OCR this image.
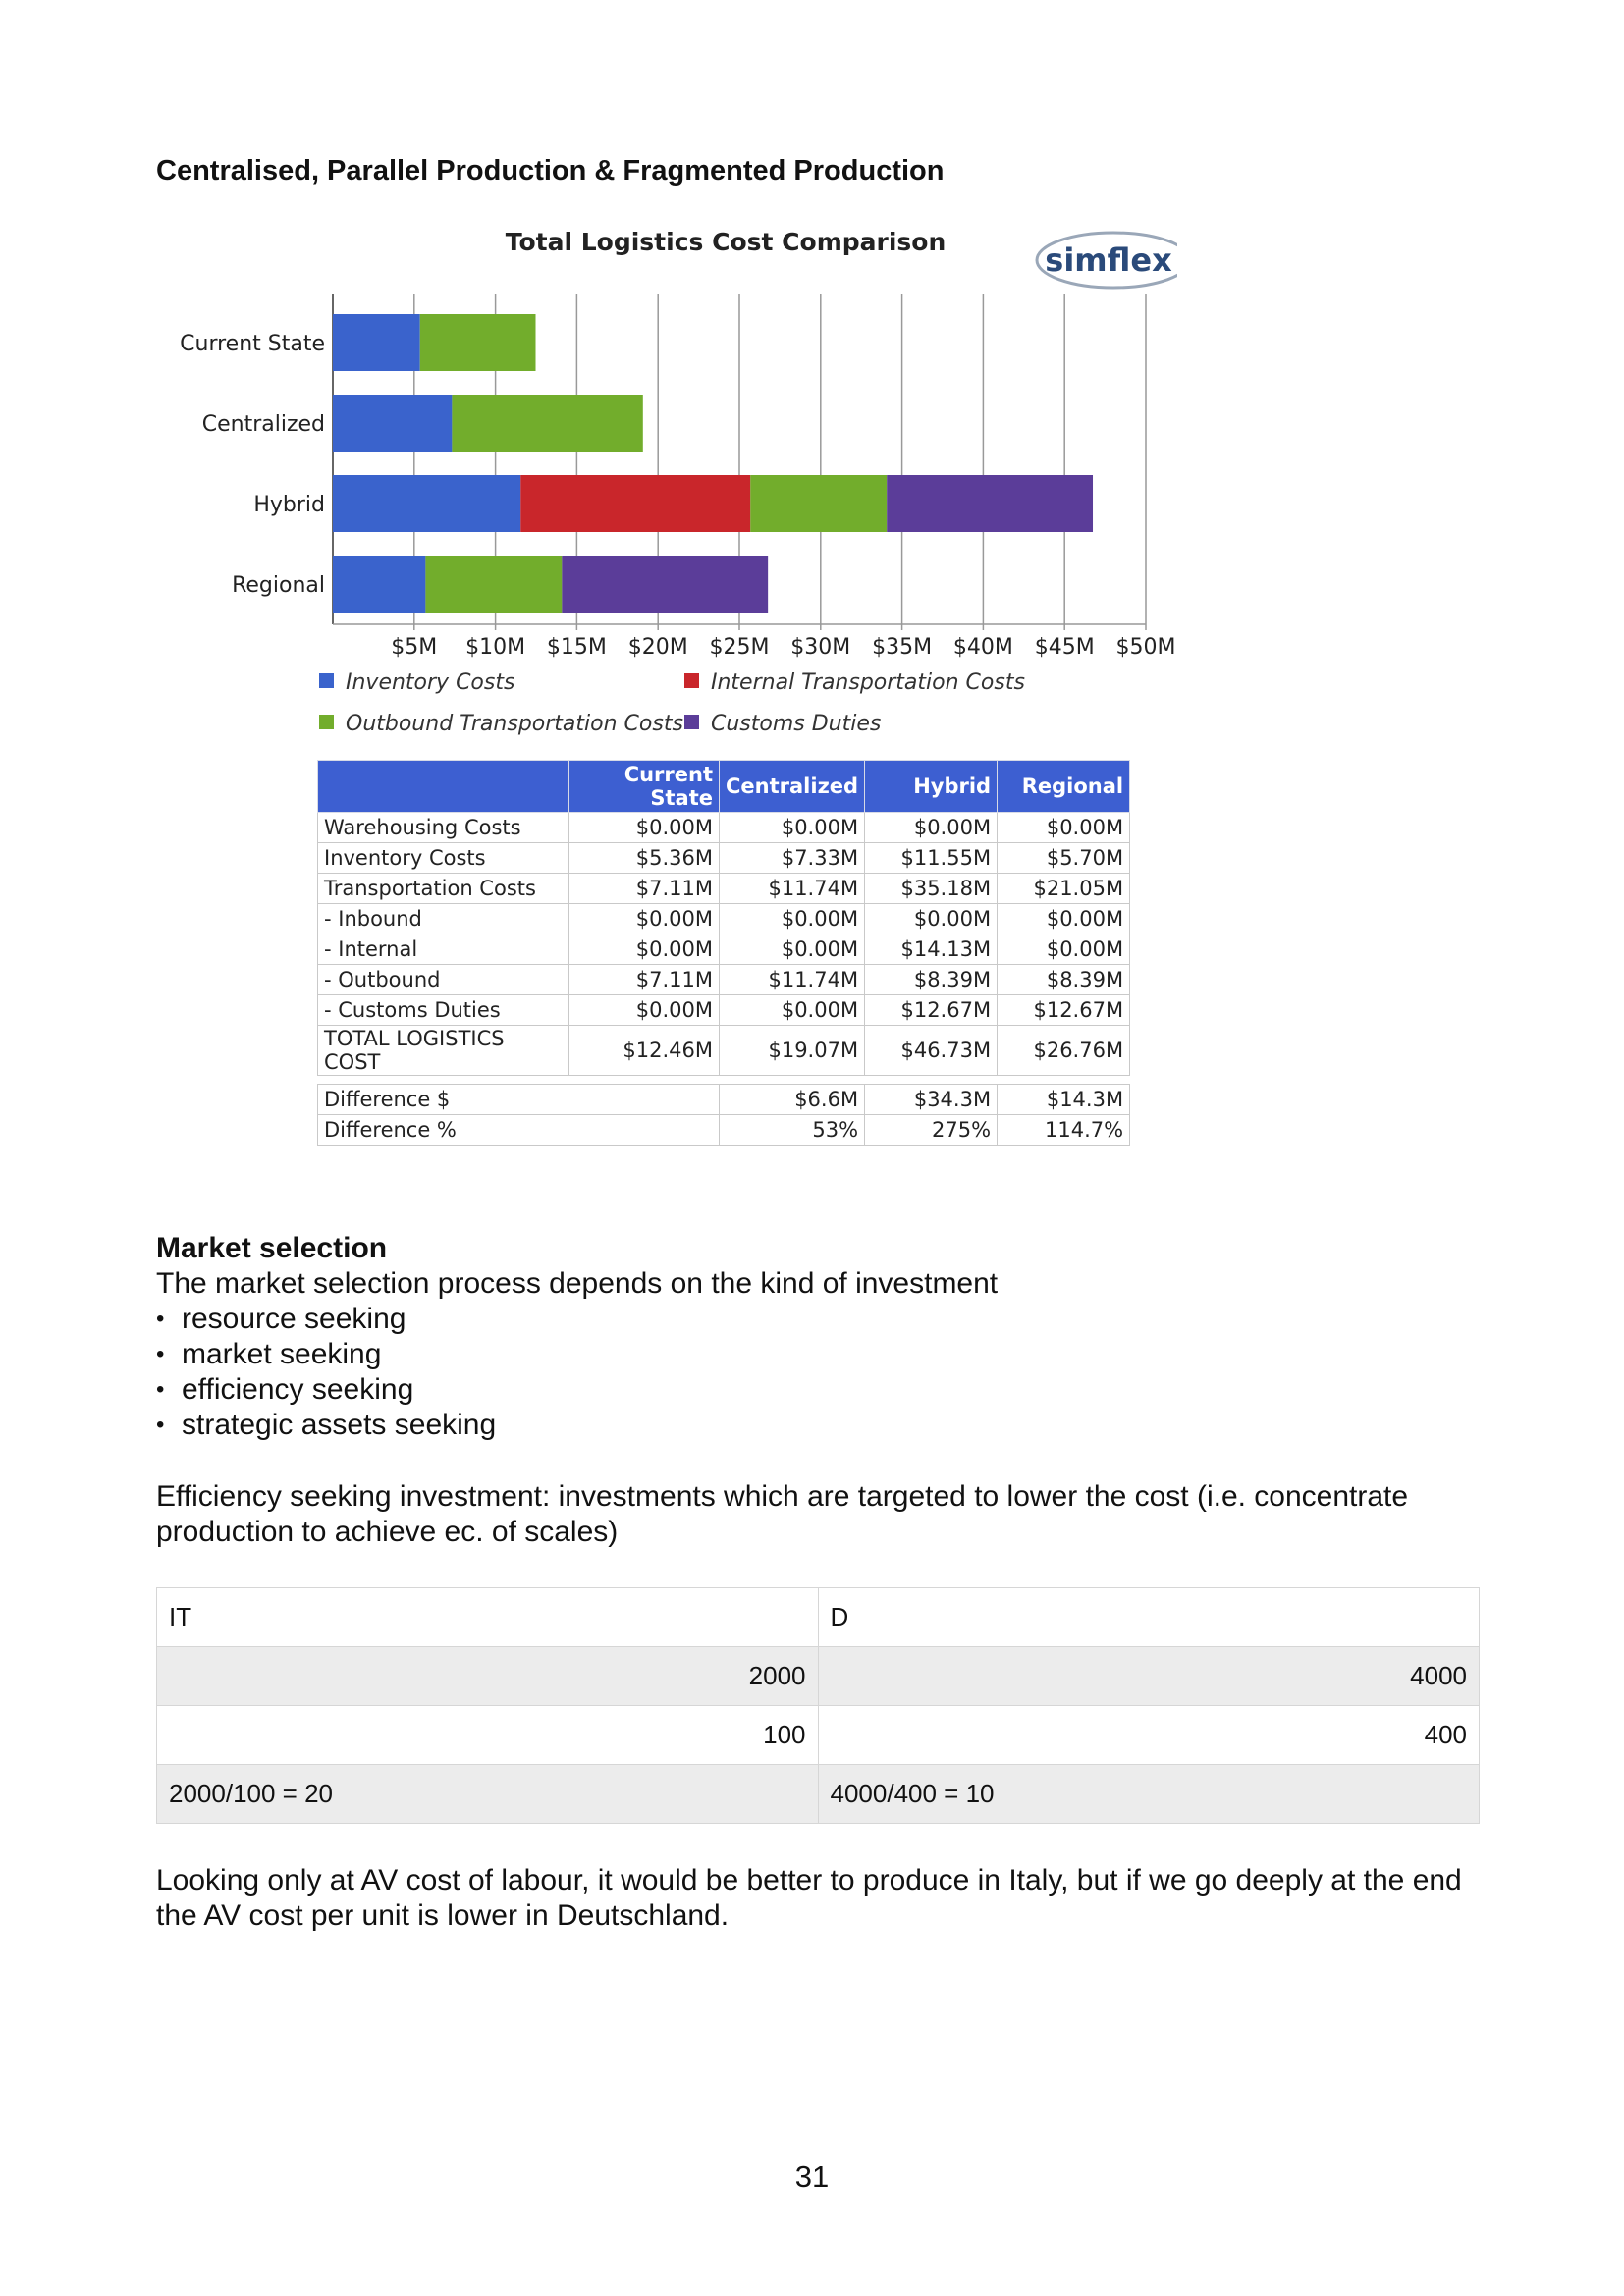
Centralised, Parallel Production & Fragmented Production
Total Logistics Cost Comparison	simflex
Current State
Centralized
Hybrid
Regional
$5M $10M $15M $20M $25M $30M $35M $40M $45M $50M
Inventory Costs	Internal Transportation Costs
Outbound Transportation Costs Customs Duties
	Current State	Centralized	Hybrid	Regional
Warehousing Costs	$0.00M	$0.00M	$0.00M	$0.00M
Inventory Costs	$5.36M	$7.33M	$11.55M	$5.70M
Transportation Costs	$7.11M	$11.74M	$35.18M	$21.05M
- Inbound	$0.00M	$0.00M	$0.00M	$0.00M
- Internal	$0.00M	$0.00M	$14.13M	$0.00M
- Outbound	$7.11M	$11.74M	$8.39M	$8.39M
- Customs Duties	$0.00M	$0.00M	$12.67M	$12.67M
TOTAL LOGISTICS COST	$12.46M	$19.07M	$46.73M	$26.76M

Difference $		$6.6M	$34.3M	$14.3M
Difference %		53%	275%	114.7%
Market selection
The market selection process depends on the kind of investment
• resource seeking
• market seeking
• efficiency seeking
• strategic assets seeking
Efficiency seeking investment: investments which are targeted to lower the cost (i.e. concentrate production to achieve ec. of scales)
IT	D
2000	4000
100	400
2000/100 = 20	4000/400 = 10
Looking only at AV cost of labour, it would be better to produce in Italy, but if we go deeply at the end the AV cost per unit is lower in Deutschland.
31
